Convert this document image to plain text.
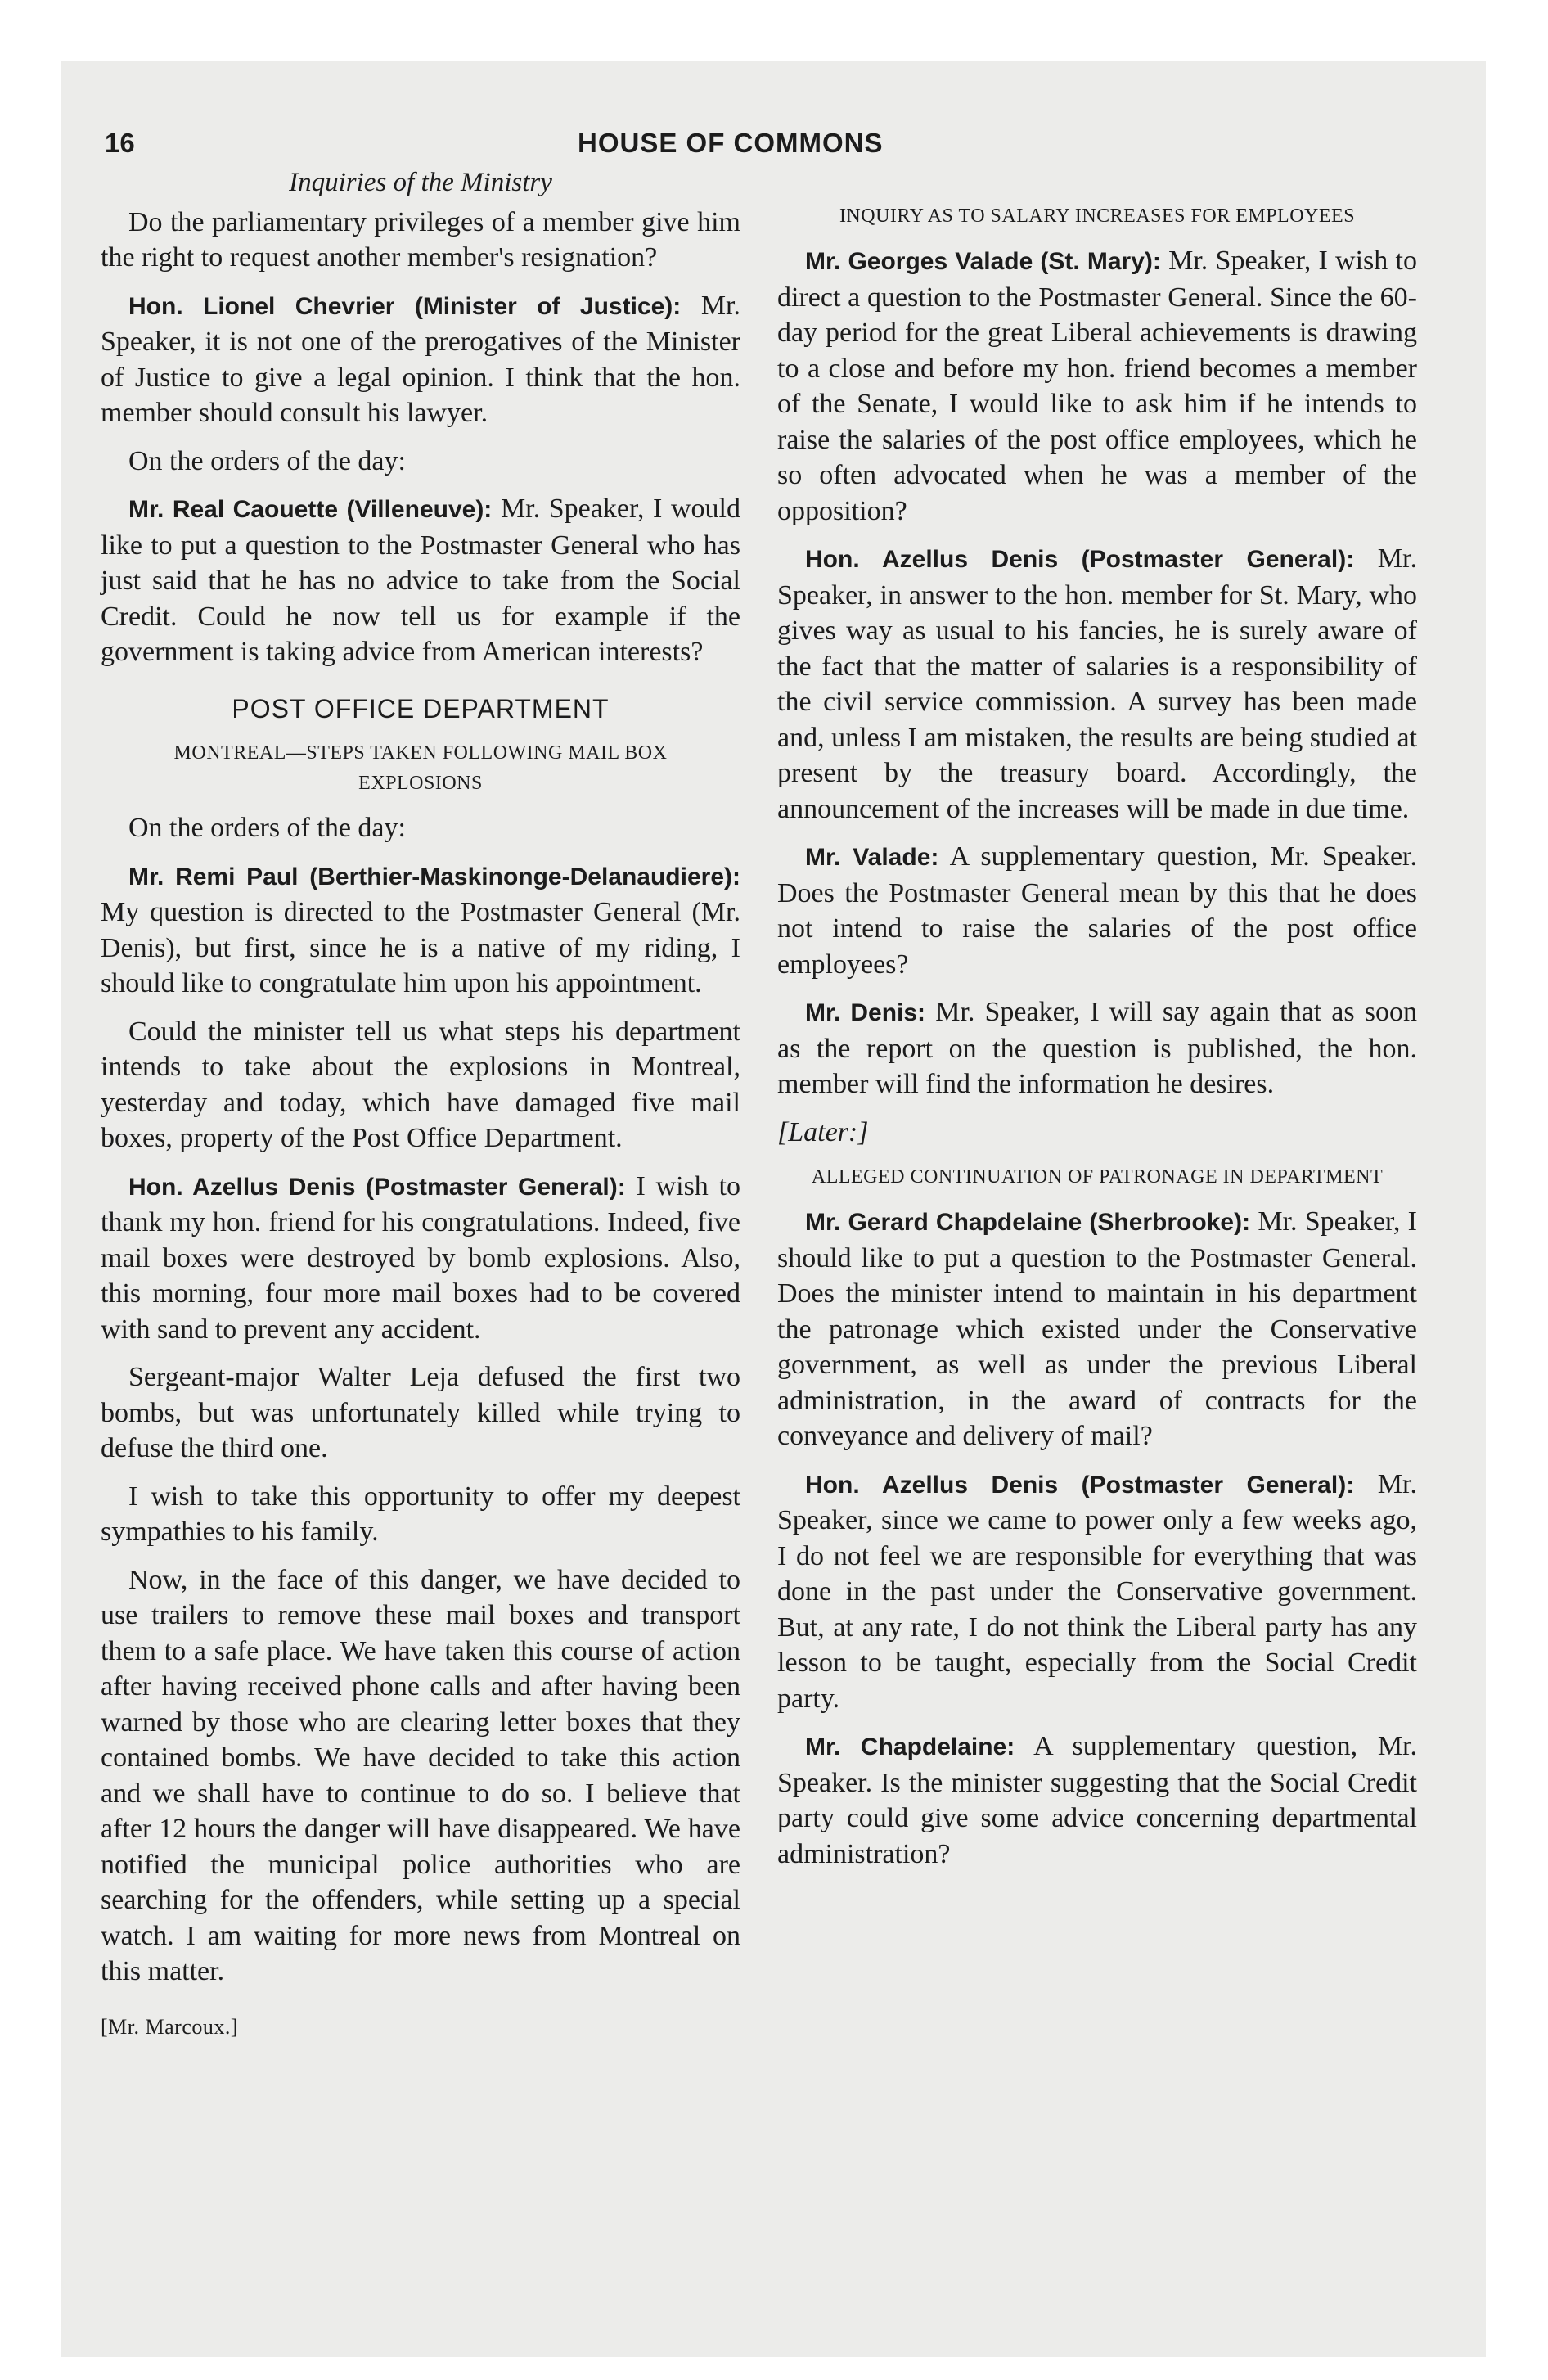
16	HOUSE OF COMMONS

Inquiries of the Ministry

Do the parliamentary privileges of a member give him the right to request another member's resignation?

Hon. Lionel Chevrier (Minister of Justice): Mr. Speaker, it is not one of the prerogatives of the Minister of Justice to give a legal opinion. I think that the hon. member should consult his lawyer.

On the orders of the day:

Mr. Real Caouette (Villeneuve): Mr. Speaker, I would like to put a question to the Postmaster General who has just said that he has no advice to take from the Social Credit. Could he now tell us for example if the government is taking advice from American interests?

POST OFFICE DEPARTMENT

MONTREAL—STEPS TAKEN FOLLOWING MAIL BOX EXPLOSIONS

On the orders of the day:

Mr. Remi Paul (Berthier-Maskinonge-Delanaudiere): My question is directed to the Postmaster General (Mr. Denis), but first, since he is a native of my riding, I should like to congratulate him upon his appointment.

Could the minister tell us what steps his department intends to take about the explosions in Montreal, yesterday and today, which have damaged five mail boxes, property of the Post Office Department.

Hon. Azellus Denis (Postmaster General): I wish to thank my hon. friend for his congratulations. Indeed, five mail boxes were destroyed by bomb explosions. Also, this morning, four more mail boxes had to be covered with sand to prevent any accident.

Sergeant-major Walter Leja defused the first two bombs, but was unfortunately killed while trying to defuse the third one.

I wish to take this opportunity to offer my deepest sympathies to his family.

Now, in the face of this danger, we have decided to use trailers to remove these mail boxes and transport them to a safe place. We have taken this course of action after having received phone calls and after having been warned by those who are clearing letter boxes that they contained bombs. We have decided to take this action and we shall have to continue to do so. I believe that after 12 hours the danger will have disappeared. We have notified the municipal police authorities who are searching for the offenders, while setting up a special watch. I am waiting for more news from Montreal on this matter.

[Mr. Marcoux.]

INQUIRY AS TO SALARY INCREASES FOR EMPLOYEES

Mr. Georges Valade (St. Mary): Mr. Speaker, I wish to direct a question to the Postmaster General. Since the 60-day period for the great Liberal achievements is drawing to a close and before my hon. friend becomes a member of the Senate, I would like to ask him if he intends to raise the salaries of the post office employees, which he so often advocated when he was a member of the opposition?

Hon. Azellus Denis (Postmaster General): Mr. Speaker, in answer to the hon. member for St. Mary, who gives way as usual to his fancies, he is surely aware of the fact that the matter of salaries is a responsibility of the civil service commission. A survey has been made and, unless I am mistaken, the results are being studied at present by the treasury board. Accordingly, the announcement of the increases will be made in due time.

Mr. Valade: A supplementary question, Mr. Speaker. Does the Postmaster General mean by this that he does not intend to raise the salaries of the post office employees?

Mr. Denis: Mr. Speaker, I will say again that as soon as the report on the question is published, the hon. member will find the information he desires.

[Later:]

ALLEGED CONTINUATION OF PATRONAGE IN DEPARTMENT

Mr. Gerard Chapdelaine (Sherbrooke): Mr. Speaker, I should like to put a question to the Postmaster General. Does the minister intend to maintain in his department the patronage which existed under the Conservative government, as well as under the previous Liberal administration, in the award of contracts for the conveyance and delivery of mail?

Hon. Azellus Denis (Postmaster General): Mr. Speaker, since we came to power only a few weeks ago, I do not feel we are responsible for everything that was done in the past under the Conservative government. But, at any rate, I do not think the Liberal party has any lesson to be taught, especially from the Social Credit party.

Mr. Chapdelaine: A supplementary question, Mr. Speaker. Is the minister suggesting that the Social Credit party could give some advice concerning departmental administration?
